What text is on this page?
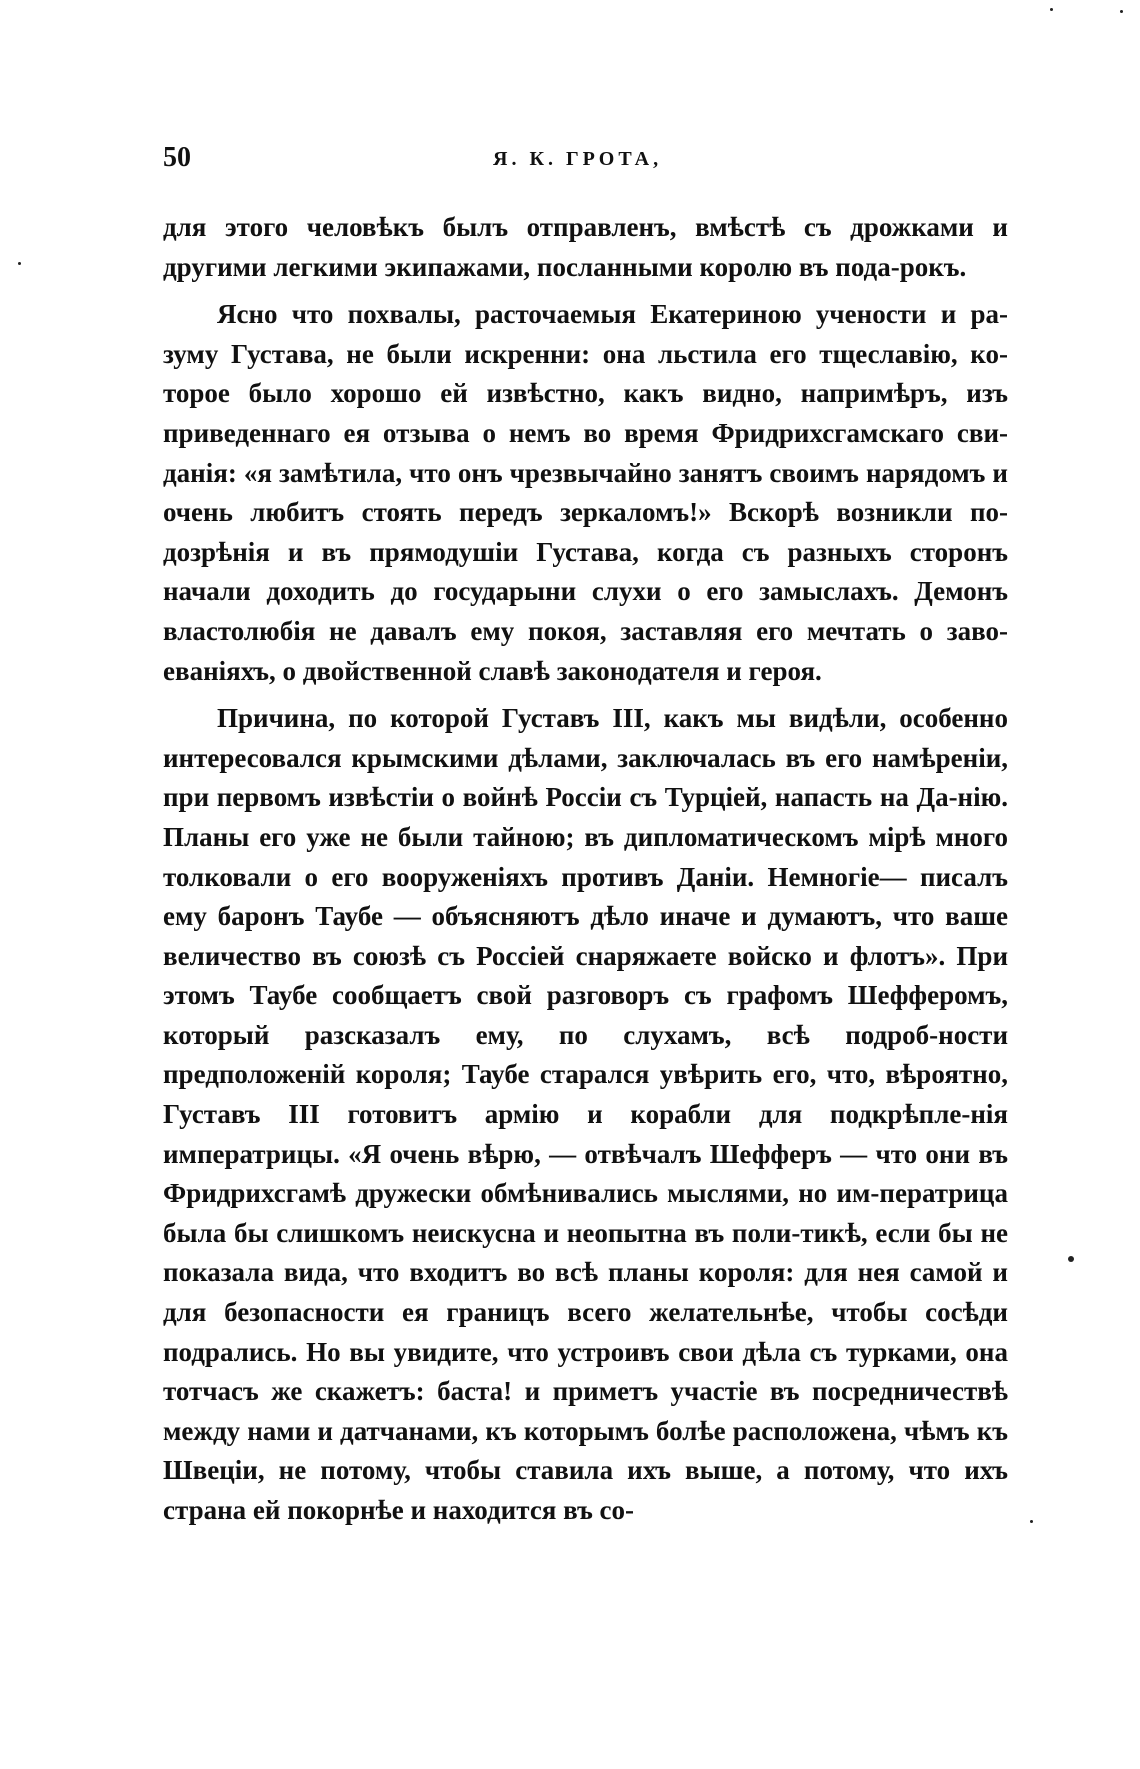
50	Я. К. ГРОТА,

для этого человѣкъ былъ отправленъ, вмѣстѣ съ дрожками и другими легкими экипажами, посланными королю въ пода-рокъ.

Ясно что похвалы, расточаемыя Екатериною учености и ра-зуму Густава, не были искренни: она льстила его тщеславію, ко-торое было хорошо ей извѣстно, какъ видно, напримѣръ, изъ приведеннаго ея отзыва о немъ во время Фридрихсгамскаго сви-данія: «я замѣтила, что онъ чрезвычайно занятъ своимъ нарядомъ и очень любитъ стоять передъ зеркаломъ!» Вскорѣ возникли по-дозрѣнія и въ прямодушіи Густава, когда съ разныхъ сторонъ начали доходить до государыни слухи о его замыслахъ. Демонъ властолюбія не давалъ ему покоя, заставляя его мечтать о заво-еваніяхъ, о двойственной славѣ законодателя и героя.

Причина, по которой Густавъ III, какъ мы видѣли, особенно интересовался крымскими дѣлами, заключалась въ его намѣреніи, при первомъ извѣстіи о войнѣ Россіи съ Турціей, напасть на Да-нію. Планы его уже не были тайною; въ дипломатическомъ мірѣ много толковали о его вооруженіяхъ противъ Даніи. Немногіе— писалъ ему баронъ Таубе — объясняютъ дѣло иначе и думаютъ, что ваше величество въ союзѣ съ Россіей снаряжаете войско и флотъ». При этомъ Таубе сообщаетъ свой разговоръ съ графомъ Шефферомъ, который разсказалъ ему, по слухамъ, всѣ подроб-ности предположеній короля; Таубе старался увѣрить его, что, вѣроятно, Густавъ III готовитъ армію и корабли для подкрѣпле-нія императрицы. «Я очень вѣрю, — отвѣчалъ Шефферъ — что они въ Фридрихсгамѣ дружески обмѣнивались мыслями, но им-ператрица была бы слишкомъ неискусна и неопытна въ поли-тикѣ, если бы не показала вида, что входитъ во всѣ планы короля: для нея самой и для безопасности ея границъ всего желательнѣе, чтобы сосѣди подрались. Но вы увидите, что устроивъ свои дѣла съ турками, она тотчасъ же скажетъ: баста! и приметъ участіе въ посредничествѣ между нами и датчанами, къ которымъ болѣе расположена, чѣмъ къ Швеціи, не потому, чтобы ставила ихъ выше, а потому, что ихъ страна ей покорнѣе и находится въ со-
